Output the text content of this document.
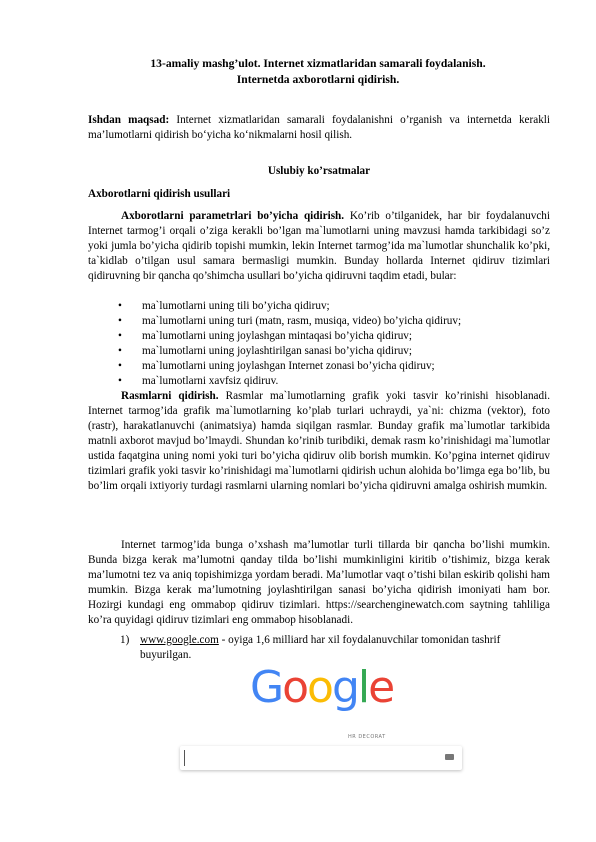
13-amaliy mashg’ulot. Internet xizmatlaridan samarali foydalanish.
Internetda axborotlarni qidirish.
Ishdan maqsad: Internet xizmatlaridan samarali foydalanishni o’rganish va internetda kerakli ma’lumotlarni qidirish bo‘yicha ko‘nikmalarni hosil qilish.
Uslubiy ko’rsatmalar
Axborotlarni qidirish usullari
Axborotlarni parametrlari bo’yicha qidirish. Ko’rib o’tilganidek, har bir foydalanuvchi Internet tarmog’i orqali o’ziga kerakli bo’lgan ma`lumotlarni uning mavzusi hamda tarkibidagi so’z yoki jumla bo’yicha qidirib topishi mumkin, lekin Internet tarmog’ida ma`lumotlar shunchalik ko’pki, ta`kidlab o’tilgan usul samara bermasligi mumkin. Bunday hollarda Internet qidiruv tizimlari qidiruvning bir qancha qo’shimcha usullari bo’yicha qidiruvni taqdim etadi, bular:
• ma`lumotlarni uning tili bo’yicha qidiruv;
• ma`lumotlarni uning turi (matn, rasm, musiqa, video) bo’yicha qidiruv;
• ma`lumotlarni uning joylashgan mintaqasi bo’yicha qidiruv;
• ma`lumotlarni uning joylashtirilgan sanasi bo’yicha qidiruv;
• ma`lumotlarni uning joylashgan Internet zonasi bo’yicha qidiruv;
• ma`lumotlarni xavfsiz qidiruv.
Rasmlarni qidirish. Rasmlar ma`lumotlarning grafik yoki tasvir ko’rinishi hisoblanadi. Internet tarmog’ida grafik ma`lumotlarning ko’plab turlari uchraydi, ya`ni: chizma (vektor), foto (rastr), harakatlanuvchi (animatsiya) hamda siqilgan rasmlar. Bunday grafik ma`lumotlar tarkibida matnli axborot mavjud bo’lmaydi. Shundan ko’rinib turibdiki, demak rasm ko’rinishidagi ma`lumotlar ustida faqatgina uning nomi yoki turi bo’yicha qidiruv olib borish mumkin. Ko’pgina internet qidiruv tizimlari grafik yoki tasvir ko’rinishidagi ma`lumotlarni qidirish uchun alohida bo’limga ega bo’lib, bu bo’lim orqali ixtiyoriy turdagi rasmlarni ularning nomlari bo’yicha qidiruvni amalga oshirish mumkin.
Internet tarmog’ida bunga o’xshash ma’lumotlar turli tillarda bir qancha bo’lishi mumkin. Bunda bizga kerak ma’lumotni qanday tilda bo’lishi mumkinligini kiritib o’tishimiz, bizga kerak ma’lumotni tez va aniq topishimizga yordam beradi. Ma’lumotlar vaqt o’tishi bilan eskirib qolishi ham mumkin. Bizga kerak ma’lumotning joylashtirilgan sanasi bo’yicha qidirish imoniyati ham bor. Hozirgi kundagi eng ommabop qidiruv tizimlari. https://searchenginewatch.com saytning tahliliga ko’ra quyidagi qidiruv tizimlari eng ommabop hisoblanadi.
1) www.google.com - oyiga 1,6 milliard har xil foydalanuvchilar tomonidan tashrif buyurilgan.
Google
HR DECORAT
